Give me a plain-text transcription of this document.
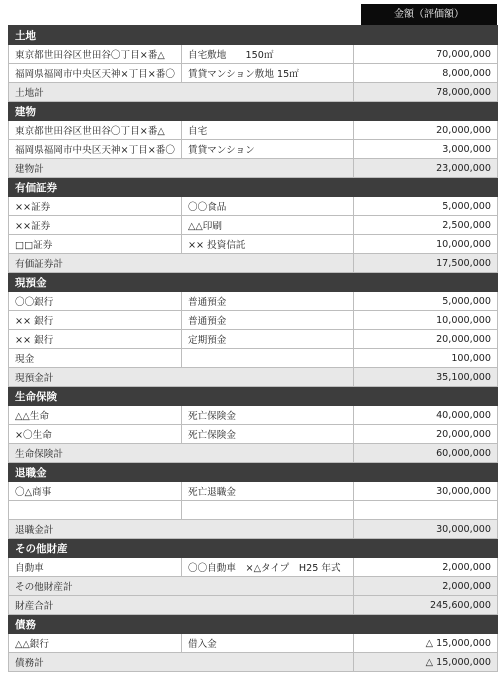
金額（評価額）
土地		
東京都世田谷区世田谷〇丁目×番△	自宅敷地　　150㎡	70,000,000
福岡県福岡市中央区天神×丁目×番〇	賃貸マンション敷地 15㎡	8,000,000
土地計		78,000,000
建物		
東京都世田谷区世田谷〇丁目×番△	自宅	20,000,000
福岡県福岡市中央区天神×丁目×番〇	賃貸マンション	3,000,000
建物計		23,000,000
有価証券		
××証券	〇〇食品	5,000,000
××証券	△△印刷	2,500,000
□□証券	×× 投資信託	10,000,000
有価証券計		17,500,000
現預金		
〇〇銀行	普通預金	5,000,000
×× 銀行	普通預金	10,000,000
×× 銀行	定期預金	20,000,000
現金		100,000
現預金計		35,100,000
生命保険		
△△生命	死亡保険金	40,000,000
×〇生命	死亡保険金	20,000,000
生命保険計		60,000,000
退職金		
〇△商事	死亡退職金	30,000,000

退職金計		30,000,000
その他財産		
自動車	〇〇自動車　×△タイプ　H25 年式	2,000,000
その他財産計		2,000,000
財産合計		245,600,000
債務		
△△銀行	借入金	△ 15,000,000
債務計		△ 15,000,000
